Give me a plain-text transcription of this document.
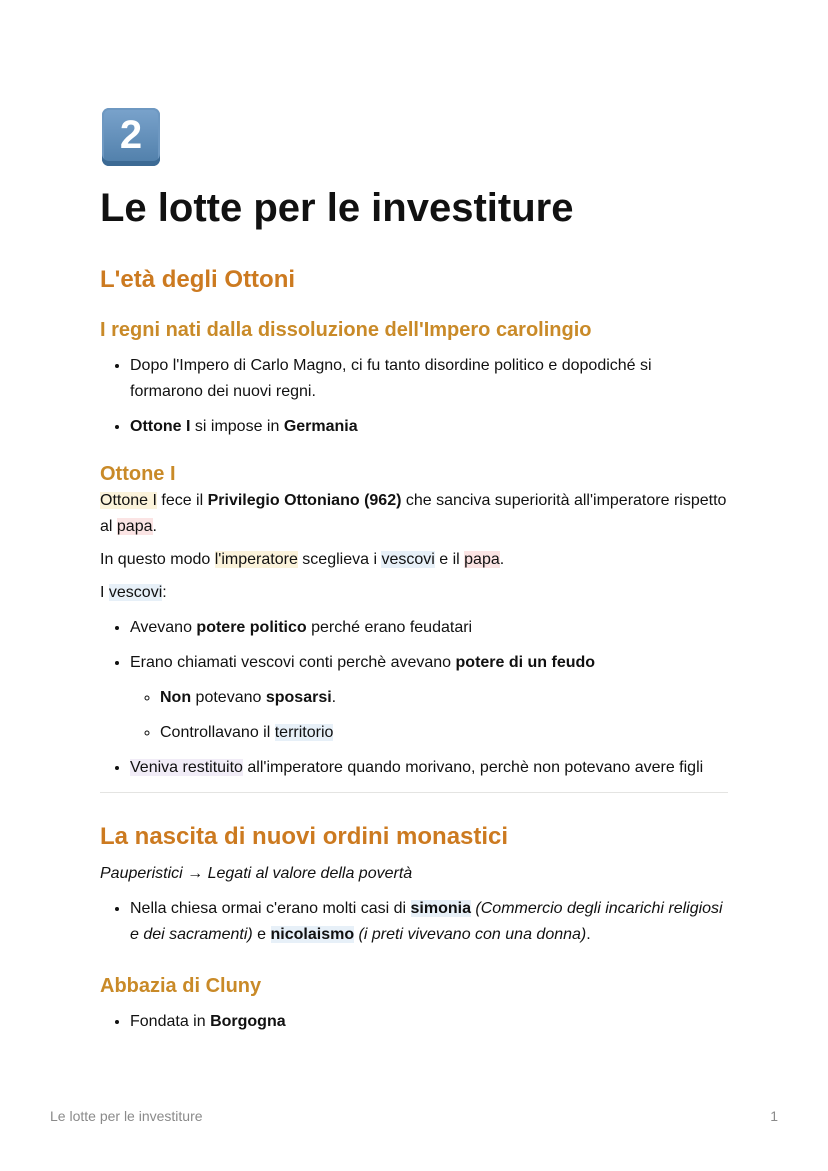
2
Le lotte per le investiture
L'età degli Ottoni
I regni nati dalla dissoluzione dell'Impero carolingio
• Dopo l'Impero di Carlo Magno, ci fu tanto disordine politico e dopodiché si formarono dei nuovi regni.
• Ottone I si impose in Germania
Ottone I

Ottone I fece il Privilegio Ottoniano (962) che sanciva superiorità all'imperatore rispetto al papa.

In questo modo l'imperatore sceglieva i vescovi e il papa.

I vescovi:

• Avevano potere politico perché erano feudatari
• Erano chiamati vescovi conti perchè avevano potere di un feudo
◦ Non potevano sposarsi.
◦ Controllavano il territorio
• Veniva restituito all'imperatore quando morivano, perchè non potevano avere figli
La nascita di nuovi ordini monastici

Pauperistici → Legati al valore della povertà

• Nella chiesa ormai c'erano molti casi di simonia (Commercio degli incarichi religiosi e dei sacramenti) e nicolaismo (i preti vivevano con una donna).
Abbazia di Cluny
• Fondata in Borgogna
Le lotte per le investiture	1
